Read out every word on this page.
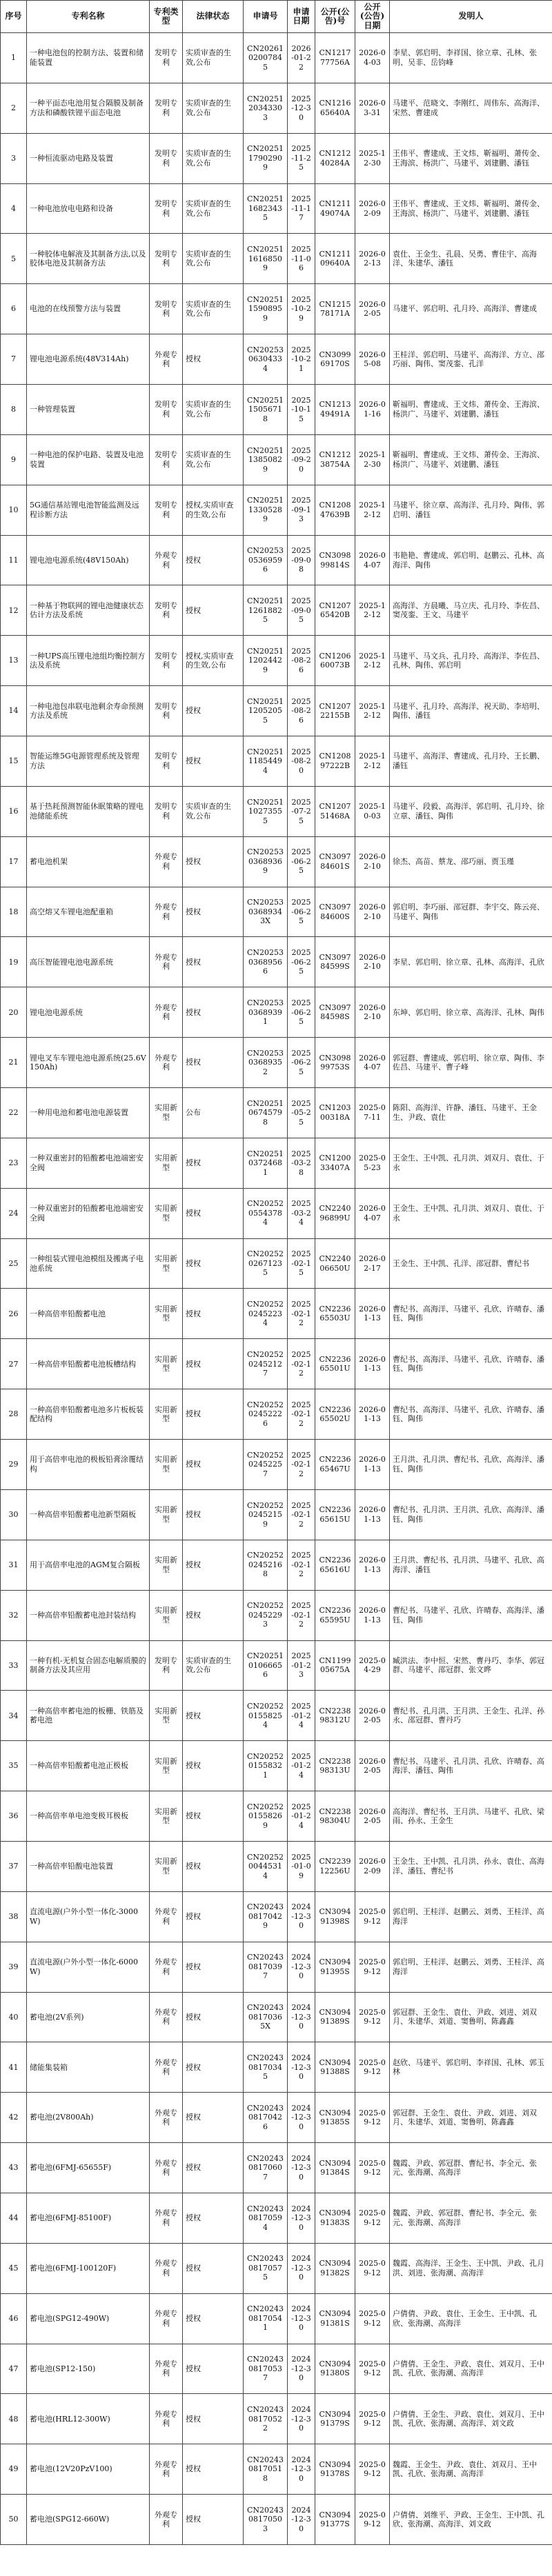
序号	专利名称	专利类型	法律状态	申请号	申请日期	公开(公告)号	公开(公告)日期	发明人
1	一种电池包的控制方法、装置和储能装置	发明专利	实质审查的生效,公布	CN2026102007845	2026-01-22	CN121777756A	2026-04-03	李星、郭启明、李祥国、徐立章、孔林、张明、吴非、岳钧峰
2	一种平面态电池用复合隔膜及制备方法和磷酸铁锂平面态电池	发明专利	实质审查的生效,公布	CN2025120343303	2025-12-30	CN121665640A	2026-03-31	马建平、范晓文、李刚红、周伟东、高海洋、宋然、曹建成
3	一种恒流驱动电路及装置	发明专利	实质审查的生效,公布	CN2025117902909	2025-11-25	CN121240284A	2025-12-30	王伟平、曹建成、王文炜、靳福明、萧传金、王海滨、杨洪广、马建平、刘建鹏、潘钰
4	一种电池放电电路和设备	发明专利	实质审查的生效,公布	CN2025116823435	2025-11-17	CN121149074A	2026-02-09	王伟平、曹建成、王文炜、靳福明、萧传金、王海滨、杨洪广、马建平、刘建鹏、潘钰
5	一种胶体电解液及其制备方法,以及胶体电池及其制备方法	发明专利	实质审查的生效,公布	CN2025116168509	2025-11-06	CN121109640A	2026-02-13	袁仕、王金生、孔晨、吴勇、曹佳宇、高海洋、朱建华、潘钰
6	电池的在线预警方法与装置	发明专利	实质审查的生效,公布	CN2025115908959	2025-10-29	CN121578171A	2026-02-05	马建平、郭启明、孔月玲、高海洋、曹建成
7	锂电池电源系统(48V314Ah)	外观专利	授权	CN2025306304334	2025-10-21	CN309969170S	2026-05-08	王桂洋、郭启明、马建平、高海洋、方立、邵巧丽、陶伟、窦茂銮、孔洋
8	一种管理装置	发明专利	实质审查的生效,公布	CN2025115056718	2025-10-15	CN121349491A	2026-01-16	靳福明、曹建成、王文炜、萧传金、王海滨、杨洪广、马建平、刘建鹏、潘钰
9	一种电池的保护电路、装置及电池装置	发明专利	实质审查的生效,公布	CN2025113850829	2025-09-20	CN121238754A	2025-12-30	靳福明、曹建成、王文炜、萧传金、王海滨、杨洪广、马建平、刘建鹏、潘钰
10	5G通信基站锂电池智能监测及远程诊断方法	发明专利	授权,实质审查的生效,公布	CN2025113305289	2025-09-13	CN120847639B	2025-12-12	马建平、徐立章、高海洋、孔月玲、陶伟、郭启明、潘钰
11	锂电池电源系统(48V150Ah)	外观专利	授权	CN2025305369596	2025-09-08	CN309899814S	2026-04-07	韦艳艳、曹建成、郭启明、赵鹏云、孔林、高海洋、陶伟
12	一种基于物联网的锂电池健康状态估计方法及系统	发明专利	授权	CN2025112618825	2025-09-05	CN120765420B	2025-12-12	高海洋、方晨曦、马立庆、孔月玲、李佐昌、窦茂銮、王文、马建平
13	一种UPS高压锂电池组均衡控制方法及系统	发明专利	授权,实质审查的生效,公布	CN2025112024429	2025-08-26	CN120660073B	2025-12-12	马建平、马文兵、孔月玲、高海洋、李佐昌、孔林、陶伟、郭启明
14	一种电池包串联电池剩余寿命预测方法及系统	发明专利	授权	CN2025112052055	2025-08-26	CN120722155B	2025-12-12	马建平、孔月玲、高海洋、祝天助、李培明、陶伟、潘钰
15	智能运维5G电源管理系统及管理方法	发明专利	授权	CN2025111854494	2025-08-20	CN120897222B	2025-12-12	马建平、高海洋、曹建成、孔月玲、王长鹏、潘钰
16	基于热耗预测智能休眠策略的锂电池储能系统	发明专利	实质审查的生效,公布	CN2025110273555	2025-07-25	CN120751468A	2025-10-03	马建平、段毅、高海洋、郭启明、孔月玲、徐立章、潘钰、陶伟
17	蓄电池机架	外观专利	授权	CN2025303689369	2025-06-25	CN309784601S	2026-02-10	徐杰、高苗、蔡龙、邵巧丽、贾玉瑾
18	高空熔又车锂电池配重箱	外观专利	授权	CN2025303689343X	2025-06-25	CN309784600S	2026-02-10	郭启明、李巧丽、邵冠群、李宇交、陈云亮、马建平、陶伟
19	高压智能锂电池电源系统	外观专利	授权	CN2025303689566	2025-06-25	CN309784599S	2026-02-10	李星、郭启明、徐立章、孔林、高海洋、孔欣
20	锂电池电源系统	外观专利	授权	CN2025303689391	2025-06-25	CN309784598S	2026-02-10	东坤、郭启明、徐立章、高海洋、孔林、陶伟
21	锂电叉车车锂电池电源系统(25.6V150Ah)	外观专利	授权	CN2025303689352	2025-06-25	CN309899753S	2026-04-07	郭冠群、曹建成、郭启明、徐立章、陶伟、李佐昌、马建平、曹子峰
22	一种用电池和蓄电池电源装置	实用新型	公布	CN2025106745798	2025-05-25	CN120300318A	2025-07-11	陈阳、高海洋、许静、潘钰、马建平、王金生、尹政、袁仕
23	一种双重密封的铅酸蓄电池端密安全阀	实用新型	授权	CN2025103724681	2025-03-28	CN120033407A	2025-05-23	王金生、王中凯、孔月洪、刘双月、袁仕、于永
24	一种双重密封的铅酸蓄电池端密安全阀	实用新型	授权	CN2025205543784	2025-03-24	CN224096899U	2026-04-07	王金生、王中凯、孔月洪、刘双月、袁仕、于永
25	一种组装式锂电池模组及搬离子电池系统	实用新型	授权	CN2025202671235	2025-02-15	CN224006650U	2026-02-17	王金生、王中凯、孔洋、邵冠群、曹纪书
26	一种高倍率铅酸蓄电池	实用新型	授权	CN2025202452234	2025-02-12	CN223665503U	2026-01-13	曹纪书、高海洋、马建平、孔欣、许晴春、潘钰、陶伟
27	一种高倍率铅酸蓄电池板槽结构	实用新型	授权	CN2025202452127	2025-02-12	CN223665501U	2026-01-13	曹纪书、高海洋、马建平、孔欣、许晴春、潘钰、陶伟
28	一种高倍率铅酸蓄电池多片板板装配结构	实用新型	授权	CN2025202452226	2025-02-12	CN223665502U	2026-01-13	曹纪书、高海洋、马建平、孔欣、许晴春、潘钰、陶伟
29	用于高倍率电池的极板铅膏涂覆结构	实用新型	授权	CN2025202452257	2025-02-12	CN223665467U	2026-01-13	王月洪、孔月洪、曹纪书、孔欣、高海洋、潘钰、陶伟
30	一种高倍率铅酸蓄电池新型隔板	实用新型	授权	CN2025202452159	2025-02-12	CN223665615U	2026-01-13	曹纪书、孔月洪、王月洪、孔欣、高海洋、潘钰、陶伟
31	用于高倍率电池的AGM复合隔板	实用新型	授权	CN2025202452168	2025-02-12	CN223665616U	2026-01-13	王月洪、曹纪书、孔月洪、马建平、孔欣、高海洋、潘钰
32	一种高倍率铅酸蓄电池封装结构	实用新型	授权	CN2025202452293	2025-02-12	CN223665595U	2026-01-13	曹纪书、马建平、孔欣、许晴春、高海洋、潘钰、陶伟
33	一种有机-无机复合固态电解质膜的制备方法及其应用	发明专利	实质审查的生效,公布	CN2025101066656	2025-01-23	CN119905675A	2025-04-29	臧洪法、李中恒、宋然、曹丹巧、李华、郭冠群、马建平、邵冠群、张文晔
34	一种高倍率蓄电池的板栅、铁筋及蓄电池	实用新型	授权	CN2025201558254	2025-01-24	CN223898312U	2026-02-05	曹纪书、孔月洪、王月洪、王金生、孔洋、孙永、邵冠群、曹丹巧
35	一种高倍率铅酸蓄电池正极板	实用新型	授权	CN2025201558321	2025-01-24	CN223898313U	2026-02-05	曹纪书、马建平、孔月洪、孔欣、许晴春、高海洋、潘钰、陶伟
36	一种高倍率单电池变极耳极板	实用新型	授权	CN2025201558269	2025-01-24	CN223898304U	2026-02-05	高海洋、曹纪书、王月洪、马建平、孔欣、梁雨、孙永、王金生
37	一种高倍率铅酸电池装置	实用新型	授权	CN2025200445314	2025-01-09	CN223912256U	2026-02-09	王金生、王中凯、孔月洪、孙永、袁仕、高海洋、潘钰、曹纪书
38	直流电源(户外小型一体化-3000W)	外观专利	授权	CN2024308170429	2024-12-30	CN309491398S	2025-09-12	郭启明、王桂洋、赵鹏云、刘勇、王桂洋、高海洋
39	直流电源(户外小型一体化-6000W)	外观专利	授权	CN2024308170397	2024-12-30	CN309491395S	2025-09-12	郭启明、王桂洋、赵鹏云、刘勇、王桂洋、高海洋
40	蓄电池(2V系列)	外观专利	授权	CN2024308170365X	2024-12-30	CN309491389S	2025-09-12	郭冠群、王金生、袁仕、尹政、刘进、刘双月、朱建华、刘道、窦鲁明、陈鑫鑫
41	储能集装箱	外观专利	授权	CN2024308170345	2024-12-30	CN309491388S	2025-09-12	赵欣、马建平、郭启明、李祥国、孔林、郭玉林
42	蓄电池(2V800Ah)	外观专利	授权	CN2024308170426	2024-12-30	CN309491385S	2025-09-12	郭冠群、王金生、袁仕、尹政、刘进、刘双月、朱建华、刘道、窦鲁明、陈鑫鑫
43	蓄电池(6FMJ-65655F)	外观专利	授权	CN2024308170607	2024-12-30	CN309491384S	2025-09-12	魏霞、尹政、郭冠群、曹纪书、李全元、张元、张海潮、高海洋
44	蓄电池(6FMJ-85100F)	外观专利	授权	CN2024308170594	2024-12-30	CN309491383S	2025-09-12	魏霞、尹政、郭冠群、曹纪书、李全元、张元、张海潮、高海洋
45	蓄电池(6FMJ-100120F)	外观专利	授权	CN2024308170575	2024-12-30	CN309491382S	2025-09-12	魏霞、高海洋、王金生、王中凯、尹政、孔月洪、刘进、张海潮、高海洋
46	蓄电池(SPG12-490W)	外观专利	授权	CN2024308170541	2024-12-30	CN309491381S	2025-09-12	户倩倩、尹政、袁仕、王金生、王中凯、孔欣、张海潮、高海洋
47	蓄电池(SP12-150)	外观专利	授权	CN2024308170537	2024-12-30	CN309491380S	2025-09-12	户倩倩、王金生、尹政、袁仕、刘双月、王中凯、孔欣、张海潮、高海洋
48	蓄电池(HRL12-300W)	外观专利	授权	CN2024308170522	2024-12-30	CN309491379S	2025-09-12	户倩倩、王金生、尹政、袁仕、刘双月、王中凯、孔欣、张海潮、高海洋、刘文政
49	蓄电池(12V20PzV100)	外观专利	授权	CN2024308170518	2024-12-30	CN309491378S	2025-09-12	魏霞、王金生、尹政、袁仕、刘双月、王中凯、孔欣、张海潮、高海洋
50	蓄电池(SPG12-660W)	外观专利	授权	CN2024308170503	2024-12-30	CN309491377S	2025-09-12	户倩倩、刘维平、尹政、王金生、王中凯、孔欣、张海潮、高海洋、刘文政
